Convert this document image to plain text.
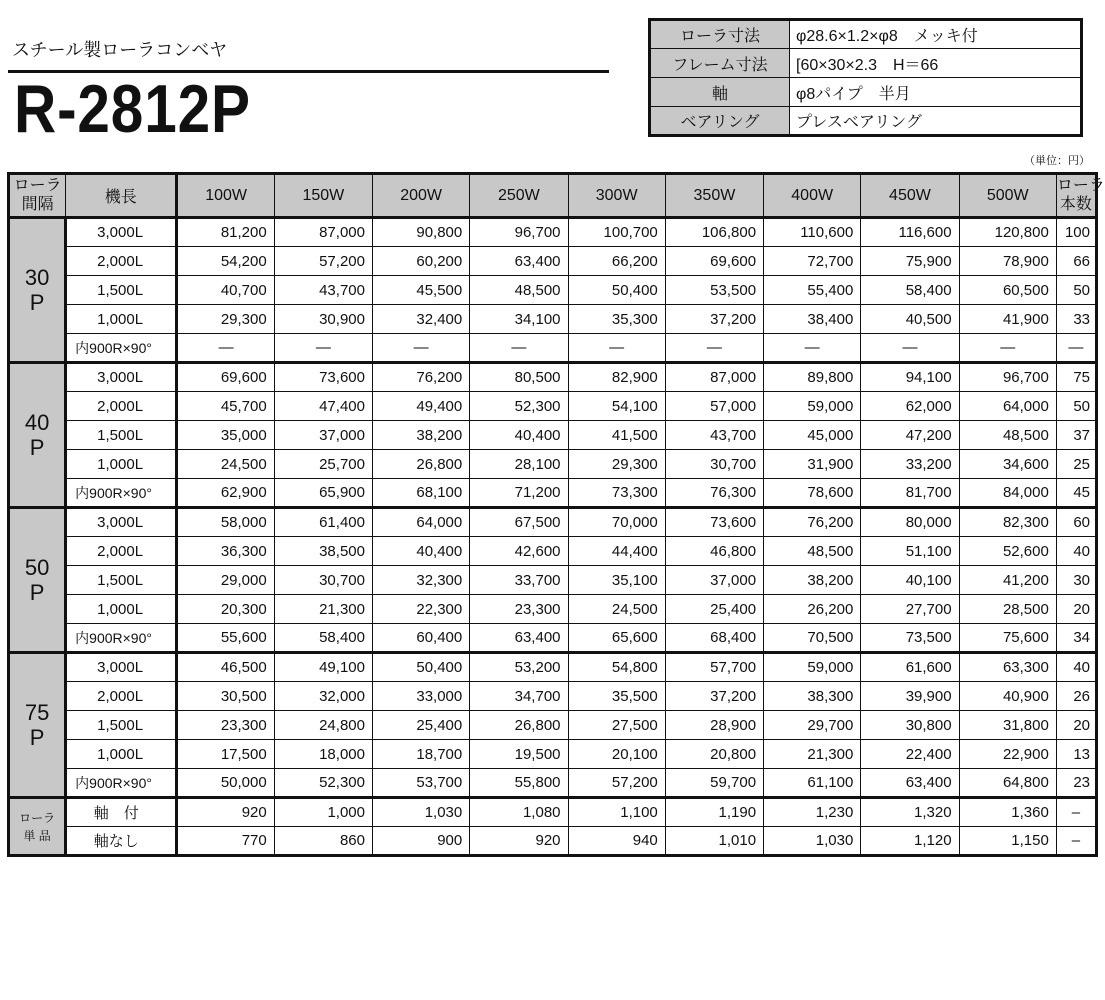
スチール製ローラコンベヤ
R-2812P
ローラ寸法	φ28.6×1.2×φ8　メッキ付
フレーム寸法	[60×30×2.3　H＝66
軸	φ8パイプ　半月
ベアリング	プレスベアリング
（単位：円）
ローラ
間隔	機長	100W	150W	200W	250W	300W	350W	400W	450W	500W	ローラ
本数
30
P	3,000L	81,200	87,000	90,800	96,700	100,700	106,800	110,600	116,600	120,800	100
	2,000L	54,200	57,200	60,200	63,400	66,200	69,600	72,700	75,900	78,900	66
	1,500L	40,700	43,700	45,500	48,500	50,400	53,500	55,400	58,400	60,500	50
	1,000L	29,300	30,900	32,400	34,100	35,300	37,200	38,400	40,500	41,900	33
	内900R×90°	—	—	—	—	—	—	—	—	—	—
40
P	3,000L	69,600	73,600	76,200	80,500	82,900	87,000	89,800	94,100	96,700	75
	2,000L	45,700	47,400	49,400	52,300	54,100	57,000	59,000	62,000	64,000	50
	1,500L	35,000	37,000	38,200	40,400	41,500	43,700	45,000	47,200	48,500	37
	1,000L	24,500	25,700	26,800	28,100	29,300	30,700	31,900	33,200	34,600	25
	内900R×90°	62,900	65,900	68,100	71,200	73,300	76,300	78,600	81,700	84,000	45
50
P	3,000L	58,000	61,400	64,000	67,500	70,000	73,600	76,200	80,000	82,300	60
	2,000L	36,300	38,500	40,400	42,600	44,400	46,800	48,500	51,100	52,600	40
	1,500L	29,000	30,700	32,300	33,700	35,100	37,000	38,200	40,100	41,200	30
	1,000L	20,300	21,300	22,300	23,300	24,500	25,400	26,200	27,700	28,500	20
	内900R×90°	55,600	58,400	60,400	63,400	65,600	68,400	70,500	73,500	75,600	34
75
P	3,000L	46,500	49,100	50,400	53,200	54,800	57,700	59,000	61,600	63,300	40
	2,000L	30,500	32,000	33,000	34,700	35,500	37,200	38,300	39,900	40,900	26
	1,500L	23,300	24,800	25,400	26,800	27,500	28,900	29,700	30,800	31,800	20
	1,000L	17,500	18,000	18,700	19,500	20,100	20,800	21,300	22,400	22,900	13
	内900R×90°	50,000	52,300	53,700	55,800	57,200	59,700	61,100	63,400	64,800	23
ローラ
単 品	軸　付	920	1,000	1,030	1,080	1,100	1,190	1,230	1,320	1,360	–
	軸なし	770	860	900	920	940	1,010	1,030	1,120	1,150	–
